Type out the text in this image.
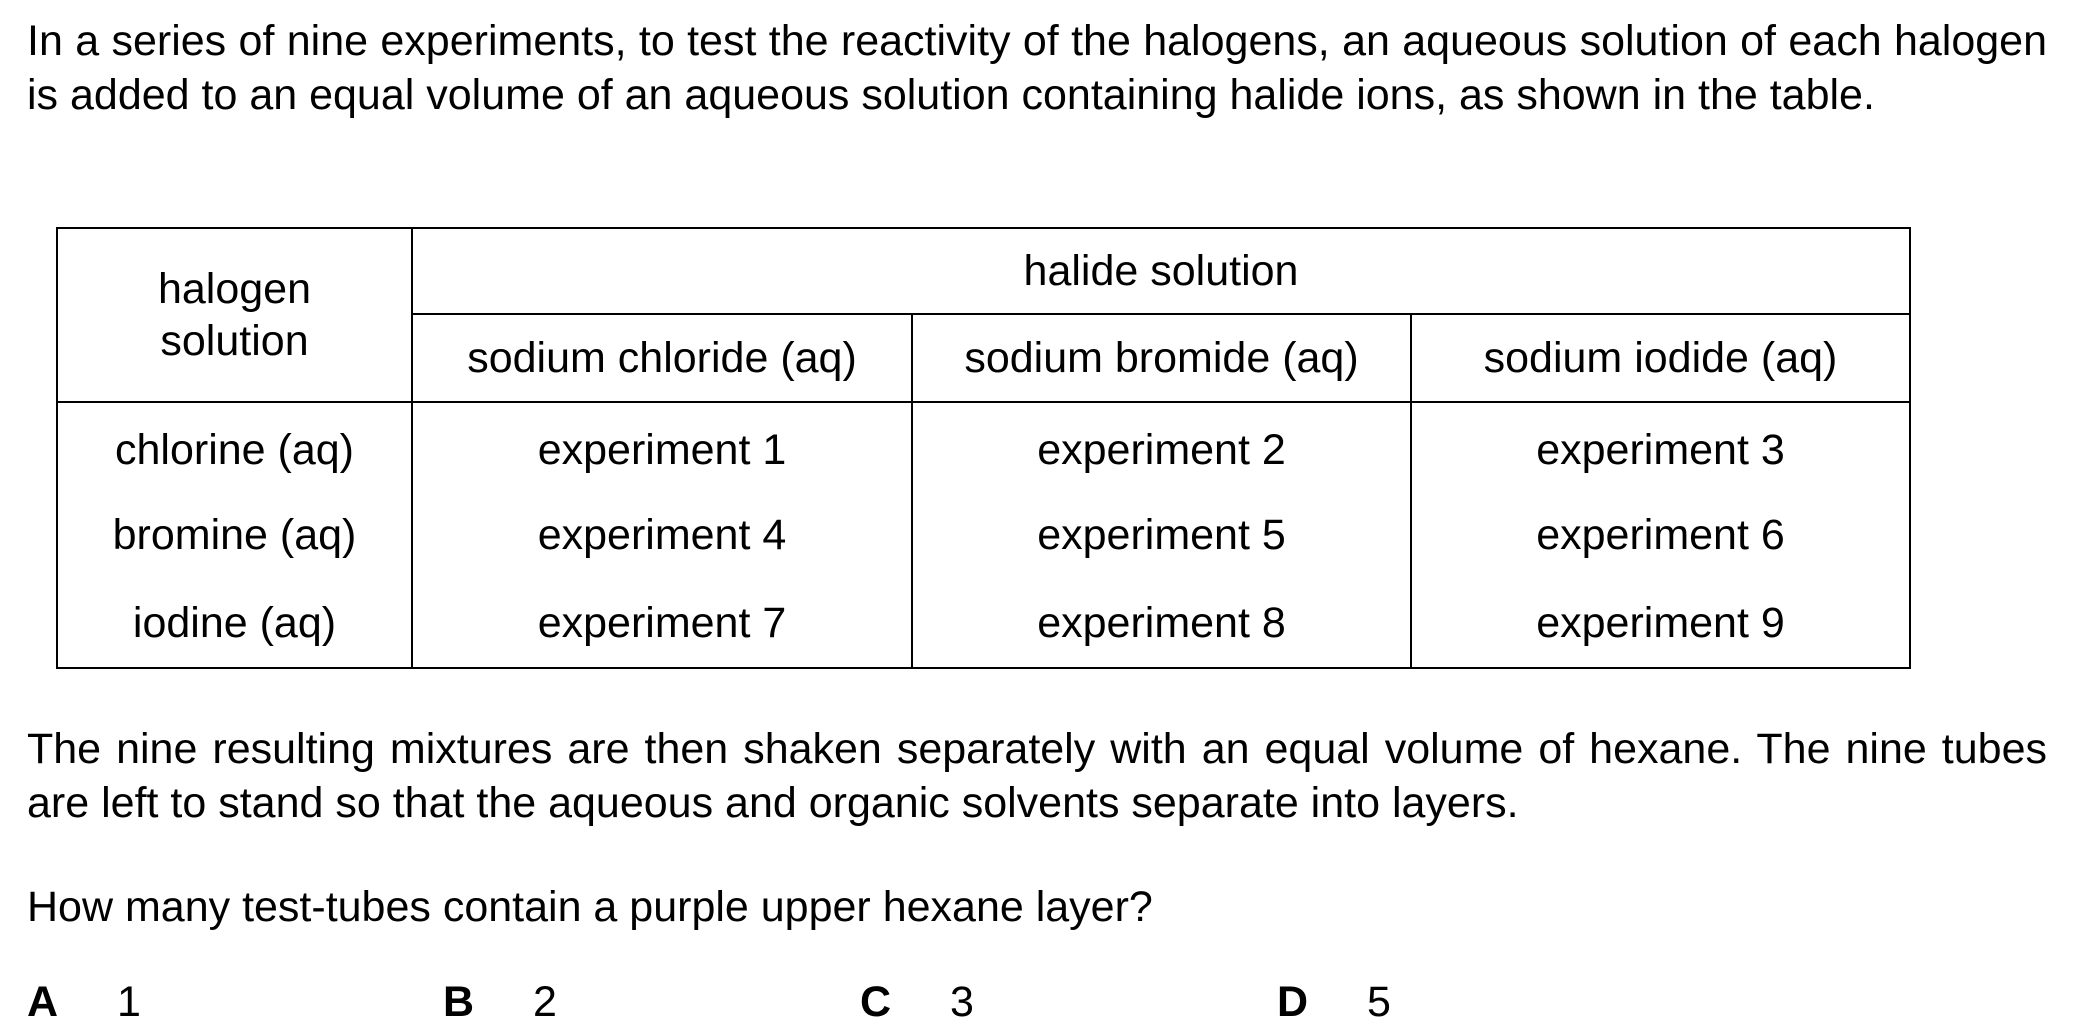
In a series of nine experiments, to test the reactivity of the halogens, an aqueous solution of each halogen is added to an equal volume of an aqueous solution containing halide ions, as shown in the table.

halogen
solution	halide solution		
	sodium chloride (aq)	sodium bromide (aq)	sodium iodide (aq)
chlorine (aq)	experiment 1	experiment 2	experiment 3
bromine (aq)	experiment 4	experiment 5	experiment 6
iodine (aq)	experiment 7	experiment 8	experiment 9

The nine resulting mixtures are then shaken separately with an equal volume of hexane. The nine tubes are left to stand so that the aqueous and organic solvents separate into layers.

How many test-tubes contain a purple upper hexane layer?

A 1	B 2	C 3	D 5
